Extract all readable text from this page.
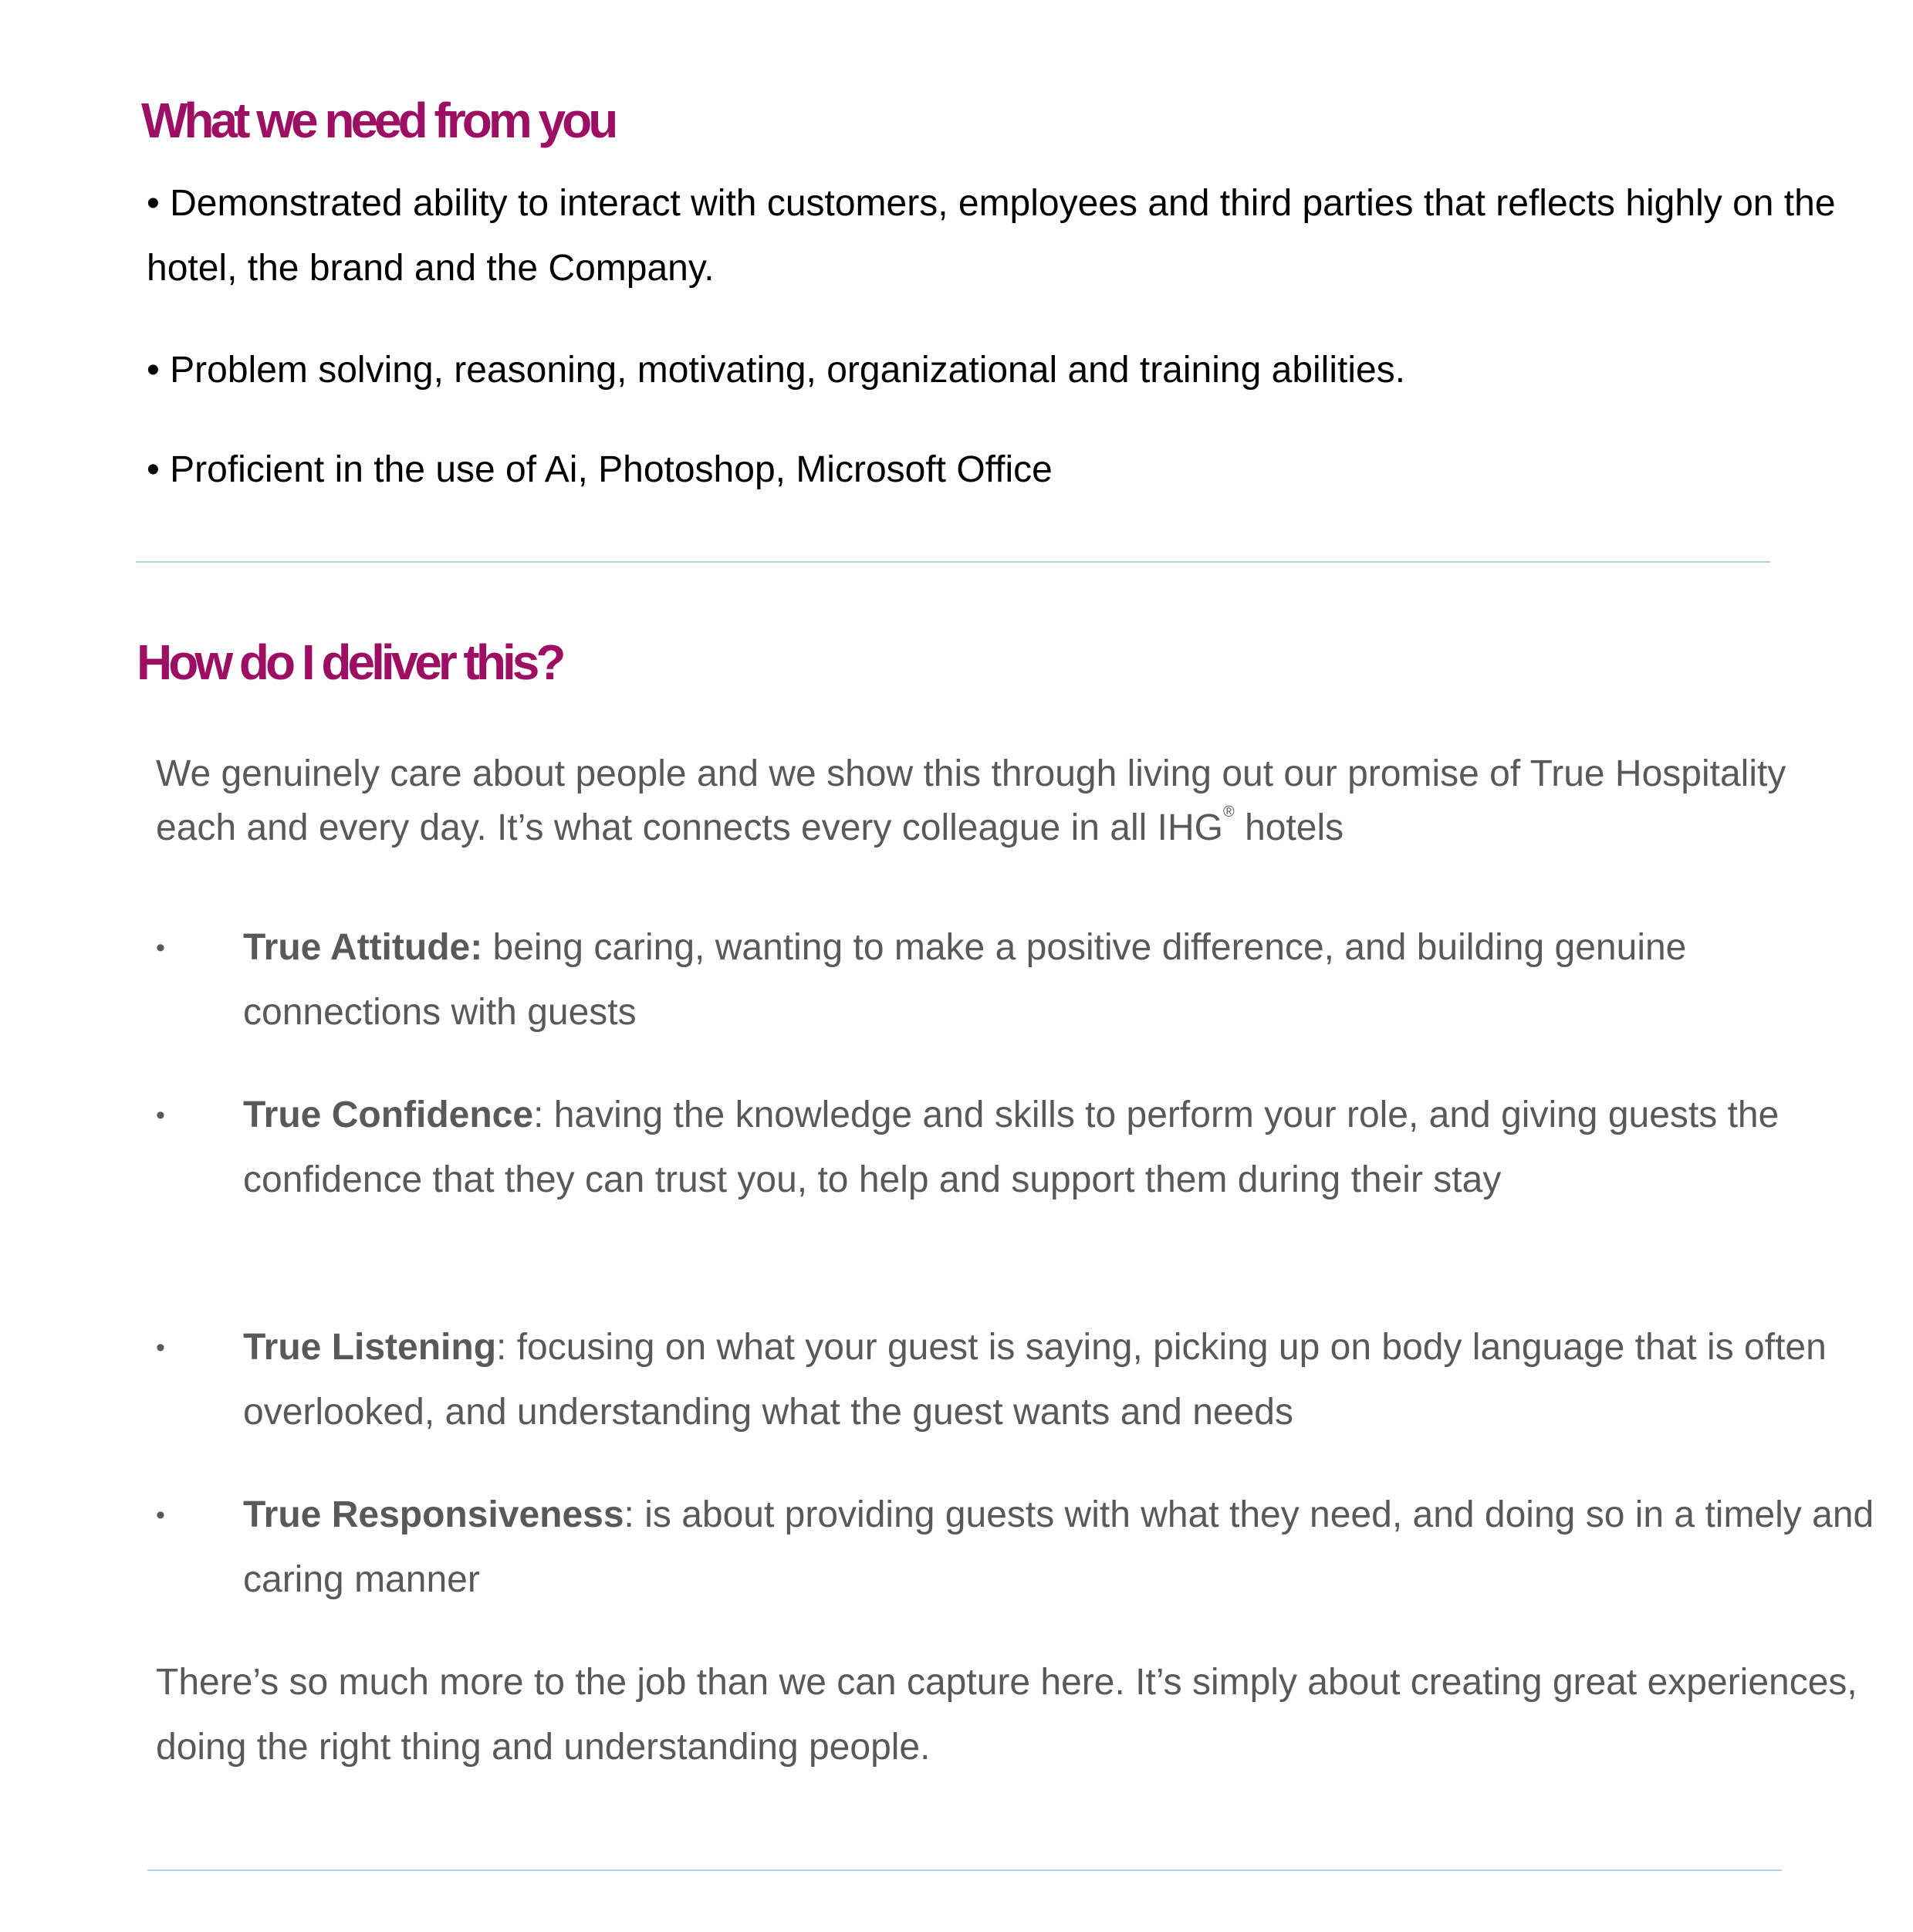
What we need from you

• Demonstrated ability to interact with customers, employees and third parties that reflects highly on the hotel, the brand and the Company.

• Problem solving, reasoning, motivating, organizational and training abilities.

• Proficient in the use of Ai, Photoshop, Microsoft Office

How do I deliver this?

We genuinely care about people and we show this through living out our promise of True Hospitality each and every day. It’s what connects every colleague in all IHG® hotels

•	True Attitude: being caring, wanting to make a positive difference, and building genuine connections with guests
•	True Confidence: having the knowledge and skills to perform your role, and giving guests the confidence that they can trust you, to help and support them during their stay
•	True Listening: focusing on what your guest is saying, picking up on body language that is often overlooked, and understanding what the guest wants and needs
•	True Responsiveness: is about providing guests with what they need, and doing so in a timely and caring manner

There’s so much more to the job than we can capture here. It’s simply about creating great experiences, doing the right thing and understanding people.
